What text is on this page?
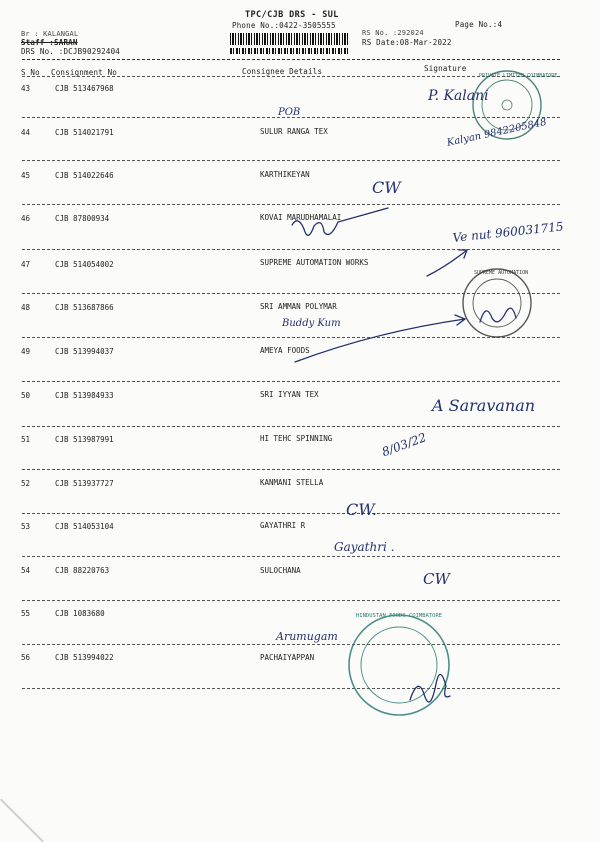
TPC/CJB DRS - SUL
Phone No.:0422-3505555	Page No.:4
Br : KALANGAL
Staff :SARAN
DRS No. :DCJB90292404
RS No. :292024
RS Date:08-Mar-2022
S No Consignment No	Consignee Details	Signature
43	CJB 513467968
44	CJB 514021791	SULUR RANGA TEX
45	CJB 514022646	KARTHIKEYAN
46	CJB 87800934	KOVAI MARUDHAMALAI
47	CJB 514054002	SUPREME AUTOMATION WORKS
48	CJB 513687866	SRI AMMAN POLYMAR
49	CJB 513994037	AMEYA FOODS
50	CJB 513984933	SRI IYYAN TEX
51	CJB 513987991	HI TEHC SPINNING
52	CJB 513937727	KANMANI STELLA
53	CJB 514053104	GAYATHRI R
54	CJB 88220763	SULOCHANA
55	CJB 1083680
56	CJB 513994022	PACHAIYAPPAN
PRIVATE LIMITED COIMBATORE
SUPREME AUTOMATION
HINDUSTAN FOODS COIMBATORE
P. Kalani
POB
Kalyan 9842205848
CW
Ve nut 960031715
Buddy Kum
A Saravanan
8/03/22
CW.
Gayathri .
CW
Arumugam
